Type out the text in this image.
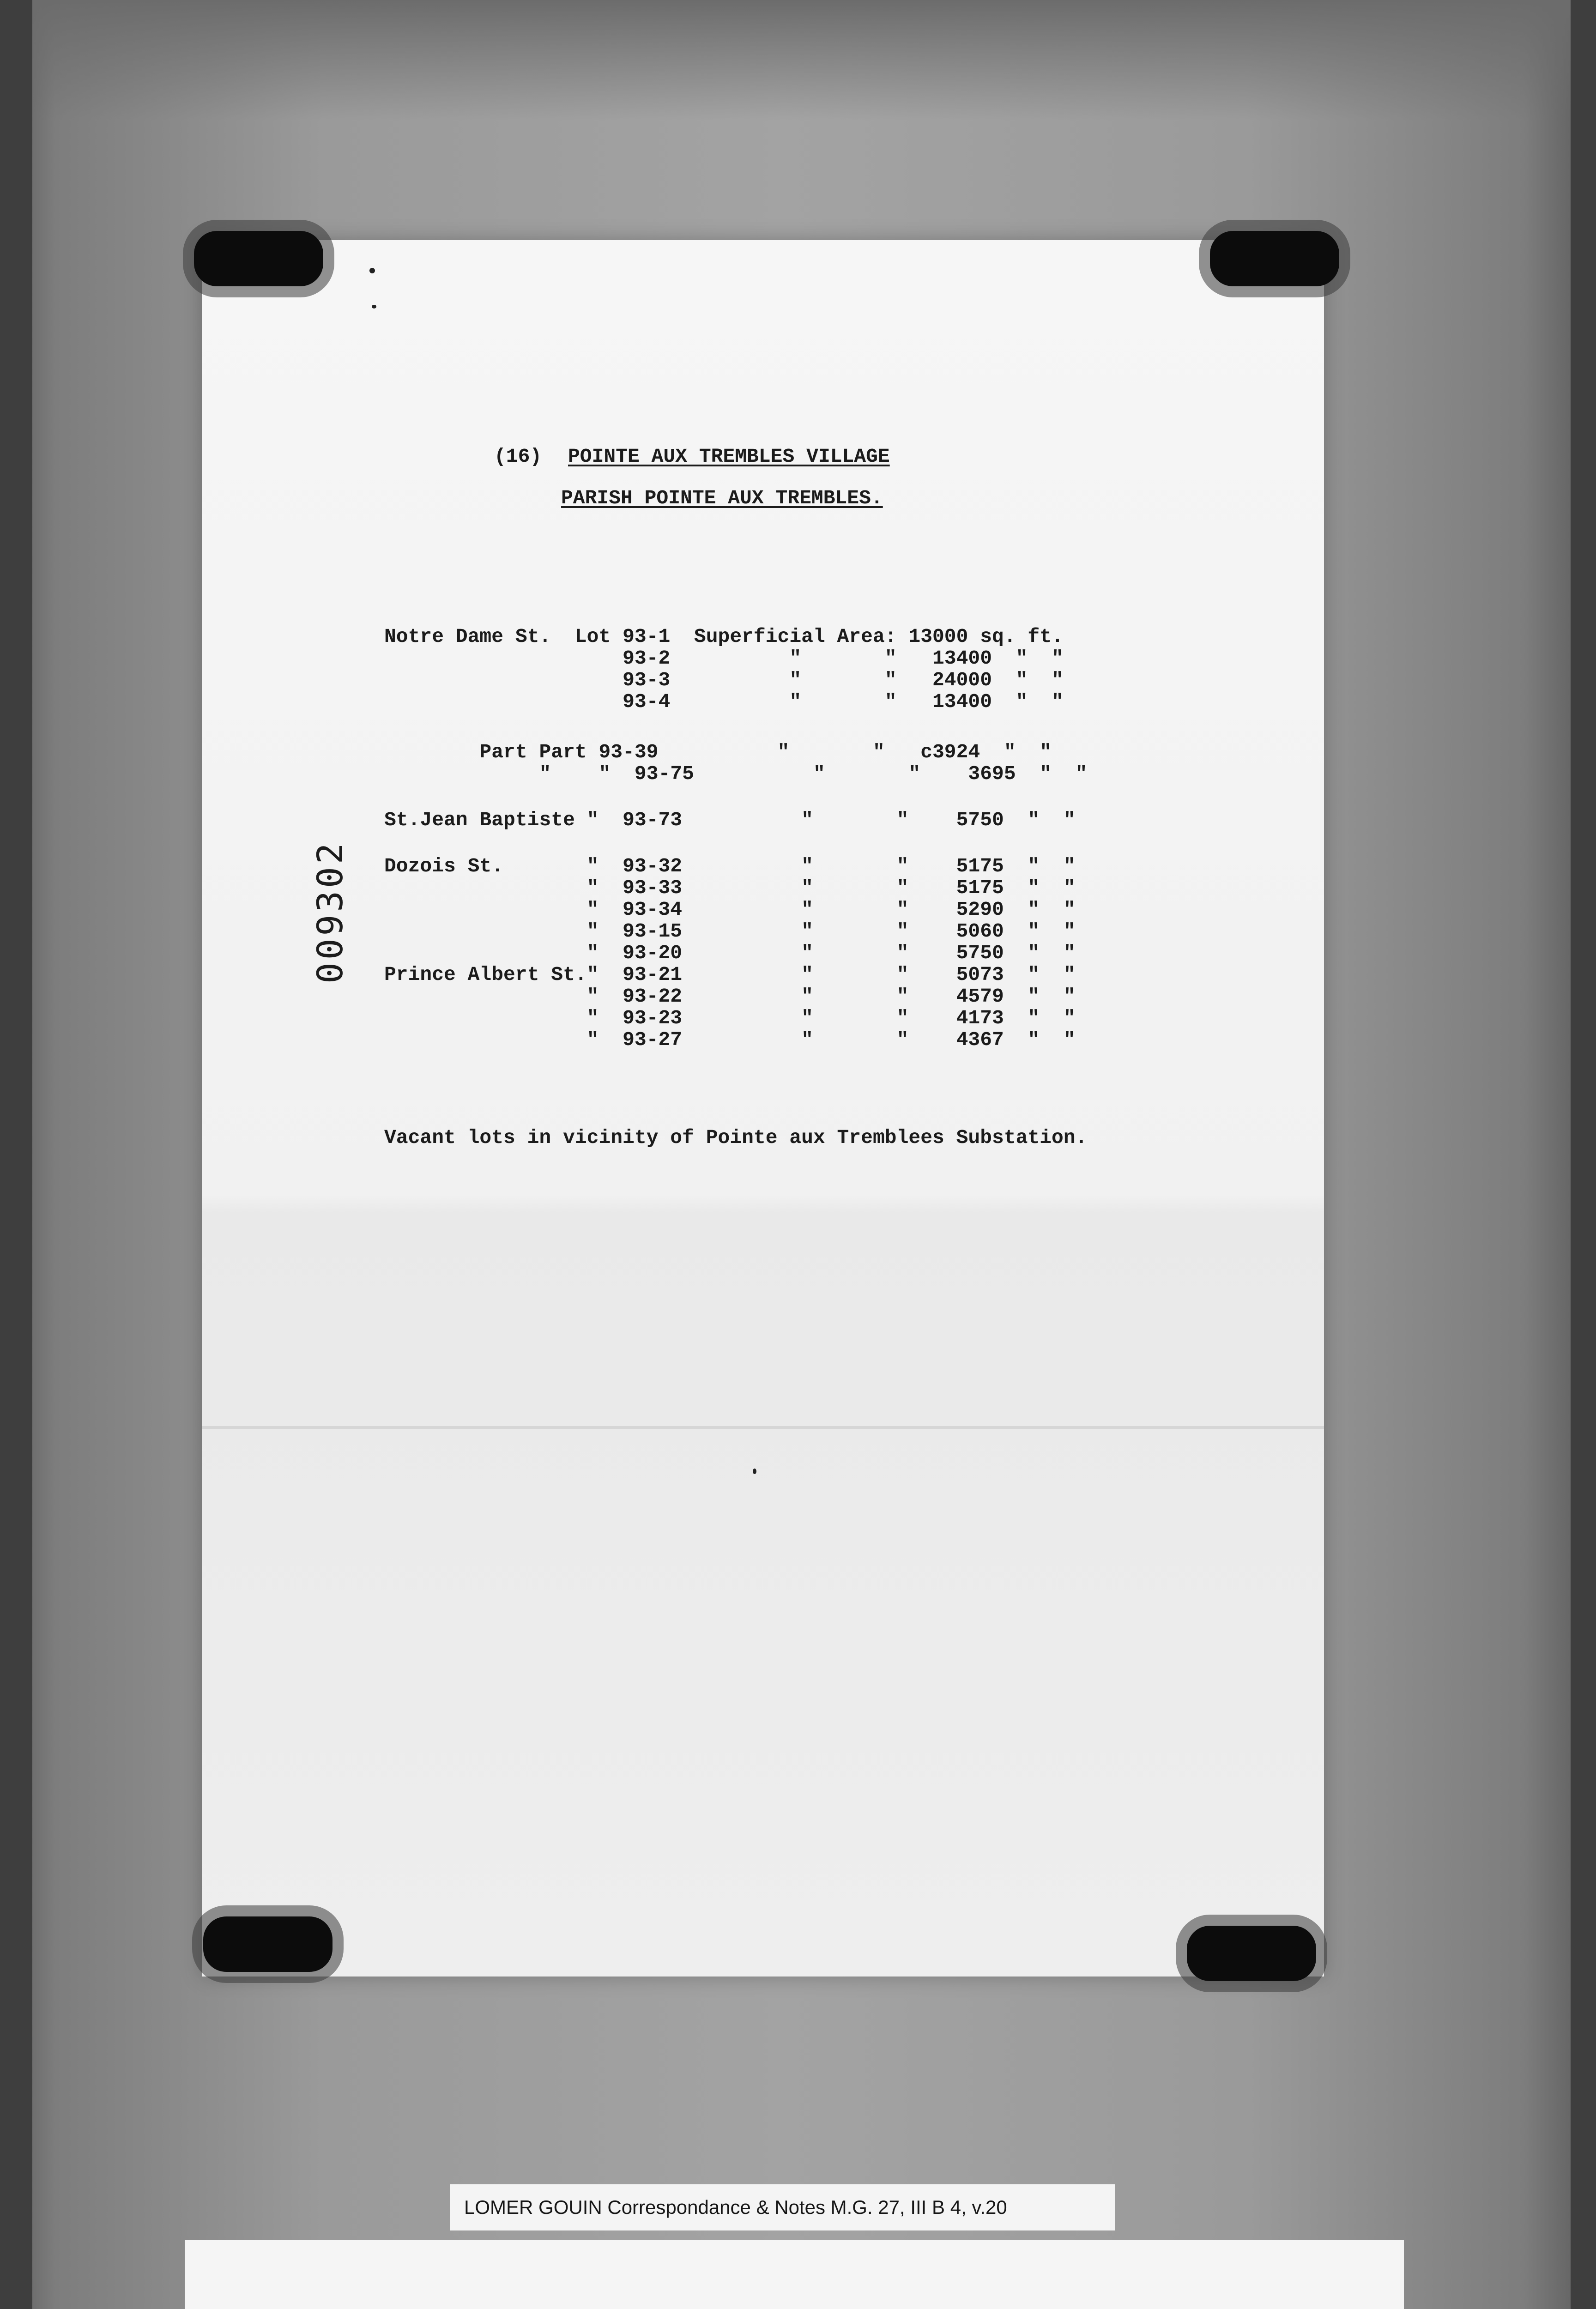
(16) POINTE AUX TREMBLES VILLAGE
PARISH POINTE AUX TREMBLES.
Notre Dame St.  Lot 93-1  Superficial Area: 13000 sq. ft.
93-2          "       "   13400  "  "
93-3          "       "   24000  "  "
93-4          "       "   13400  "  "
Part Part 93-39          "       "   c3924  "  "
"    "  93-75          "       "    3695  "  "
St.Jean Baptiste "  93-73          "       "    5750  "  "
Dozois St.       "  93-32          "       "    5175  "  "
"  93-33          "       "    5175  "  "
"  93-34          "       "    5290  "  "
"  93-15          "       "    5060  "  "
"  93-20          "       "    5750  "  "
Prince Albert St."  93-21          "       "    5073  "  "
"  93-22          "       "    4579  "  "
"  93-23          "       "    4173  "  "
"  93-27          "       "    4367  "  "
Vacant lots in vicinity of Pointe aux Tremblees Substation.
009302
LOMER GOUIN Correspondance & Notes M.G. 27, III B 4, v.20
